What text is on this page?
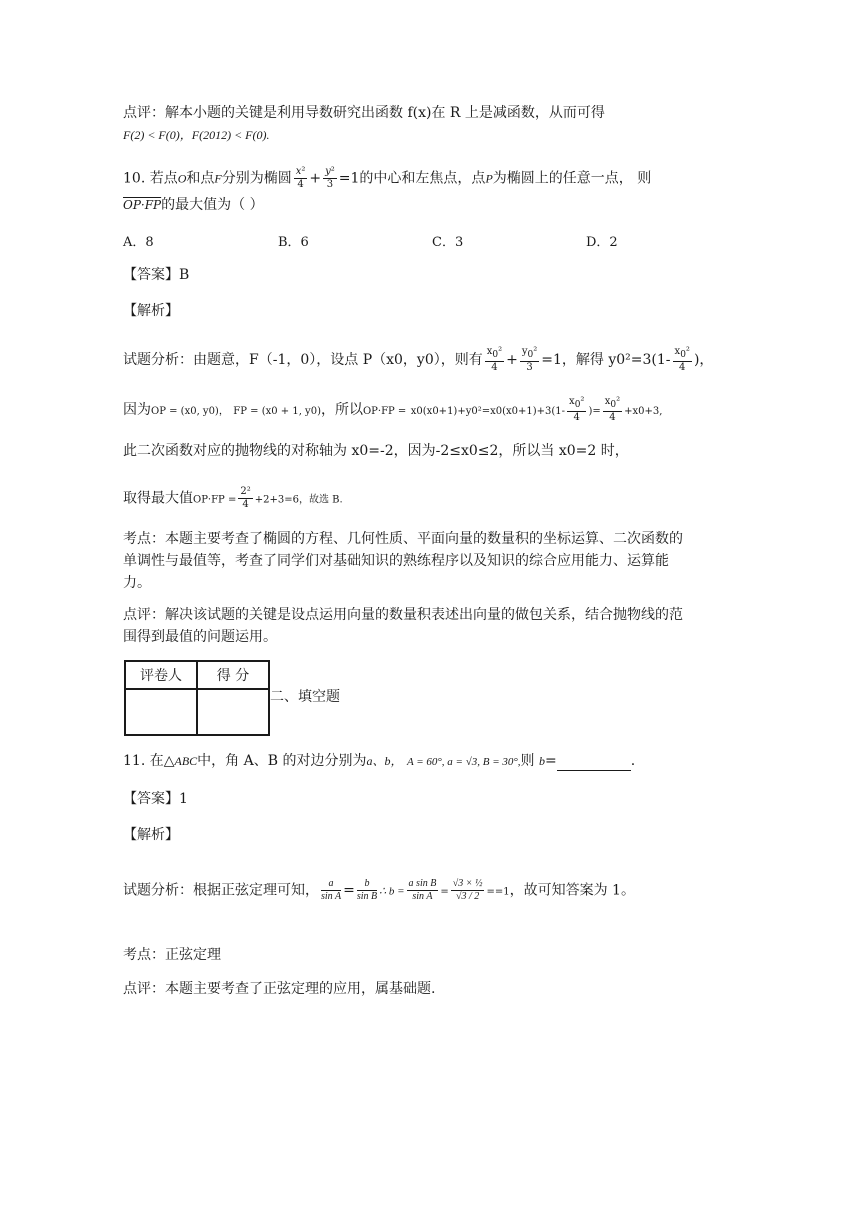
点评：解本小题的关键是利用导数研究出函数 f(x)在 R 上是减函数，从而可得
F(2) < F(0)，F(2012) < F(0).
10. 若点O和点F分别为椭圆 $\frac{\text{x²}}{4} + \frac{\text{y²}}{3} =1$的中心和左焦点，点P为椭圆上的任意一点， 则
OP·FP的最大值为（ ）
A．8	B．6	C．3	D．2
【答案】B
【解析】
试题分析：由题意，F（-1，0），设点 P（x0，y0），则有 $\frac{x_0^2}{4} + \frac{y_0^2}{3} =1$，解得 $y0^2=3(1- \frac{x_0^2}{4}$ )，
因为OP = (x0, y0)， FP = (x0 + 1, y0)，所以$OP\cdot FP = x0(x0+1)+y0^2=x0(x0+1)+3(1- \frac{x_0^2}{4}$ )= $\frac{x_0^2}{4} +x0+3$,
此二次函数对应的抛物线的对称轴为 x0=-2，因为-2≤x0≤2，所以当 x0=2 时，
取得最大值$OP\cdot FP = \frac{\text{2²}}{4} +2+3=6$，故选 B.
考点：本题主要考查了椭圆的方程、几何性质、平面向量的数量积的坐标运算、二次函数的
单调性与最值等，考查了同学们对基础知识的熟练程序以及知识的综合应用能力、运算能
力。
点评：解决该试题的关键是设点运用向量的数量积表述出向量的做包关系，结合抛物线的范
围得到最值的问题运用。
评卷人	得 分

二、填空题
11. 在△ABC中，角 A、B 的对边分别为a、b， A = 60°, a = √3, B = 30°,则 b=	.
【答案】1
【解析】
试题分析：根据正弦定理可知， $\frac{a}{\text{sin A}} = \frac{b}{\text{sin B}}$ ∴ $b = \frac{\text{a sin B}}{\text{sin A}} = \frac{\text{√3 × ½}}{√3 / 2} ==1$，故可知答案为 1。
考点：正弦定理
点评：本题主要考查了正弦定理的应用，属基础题.
